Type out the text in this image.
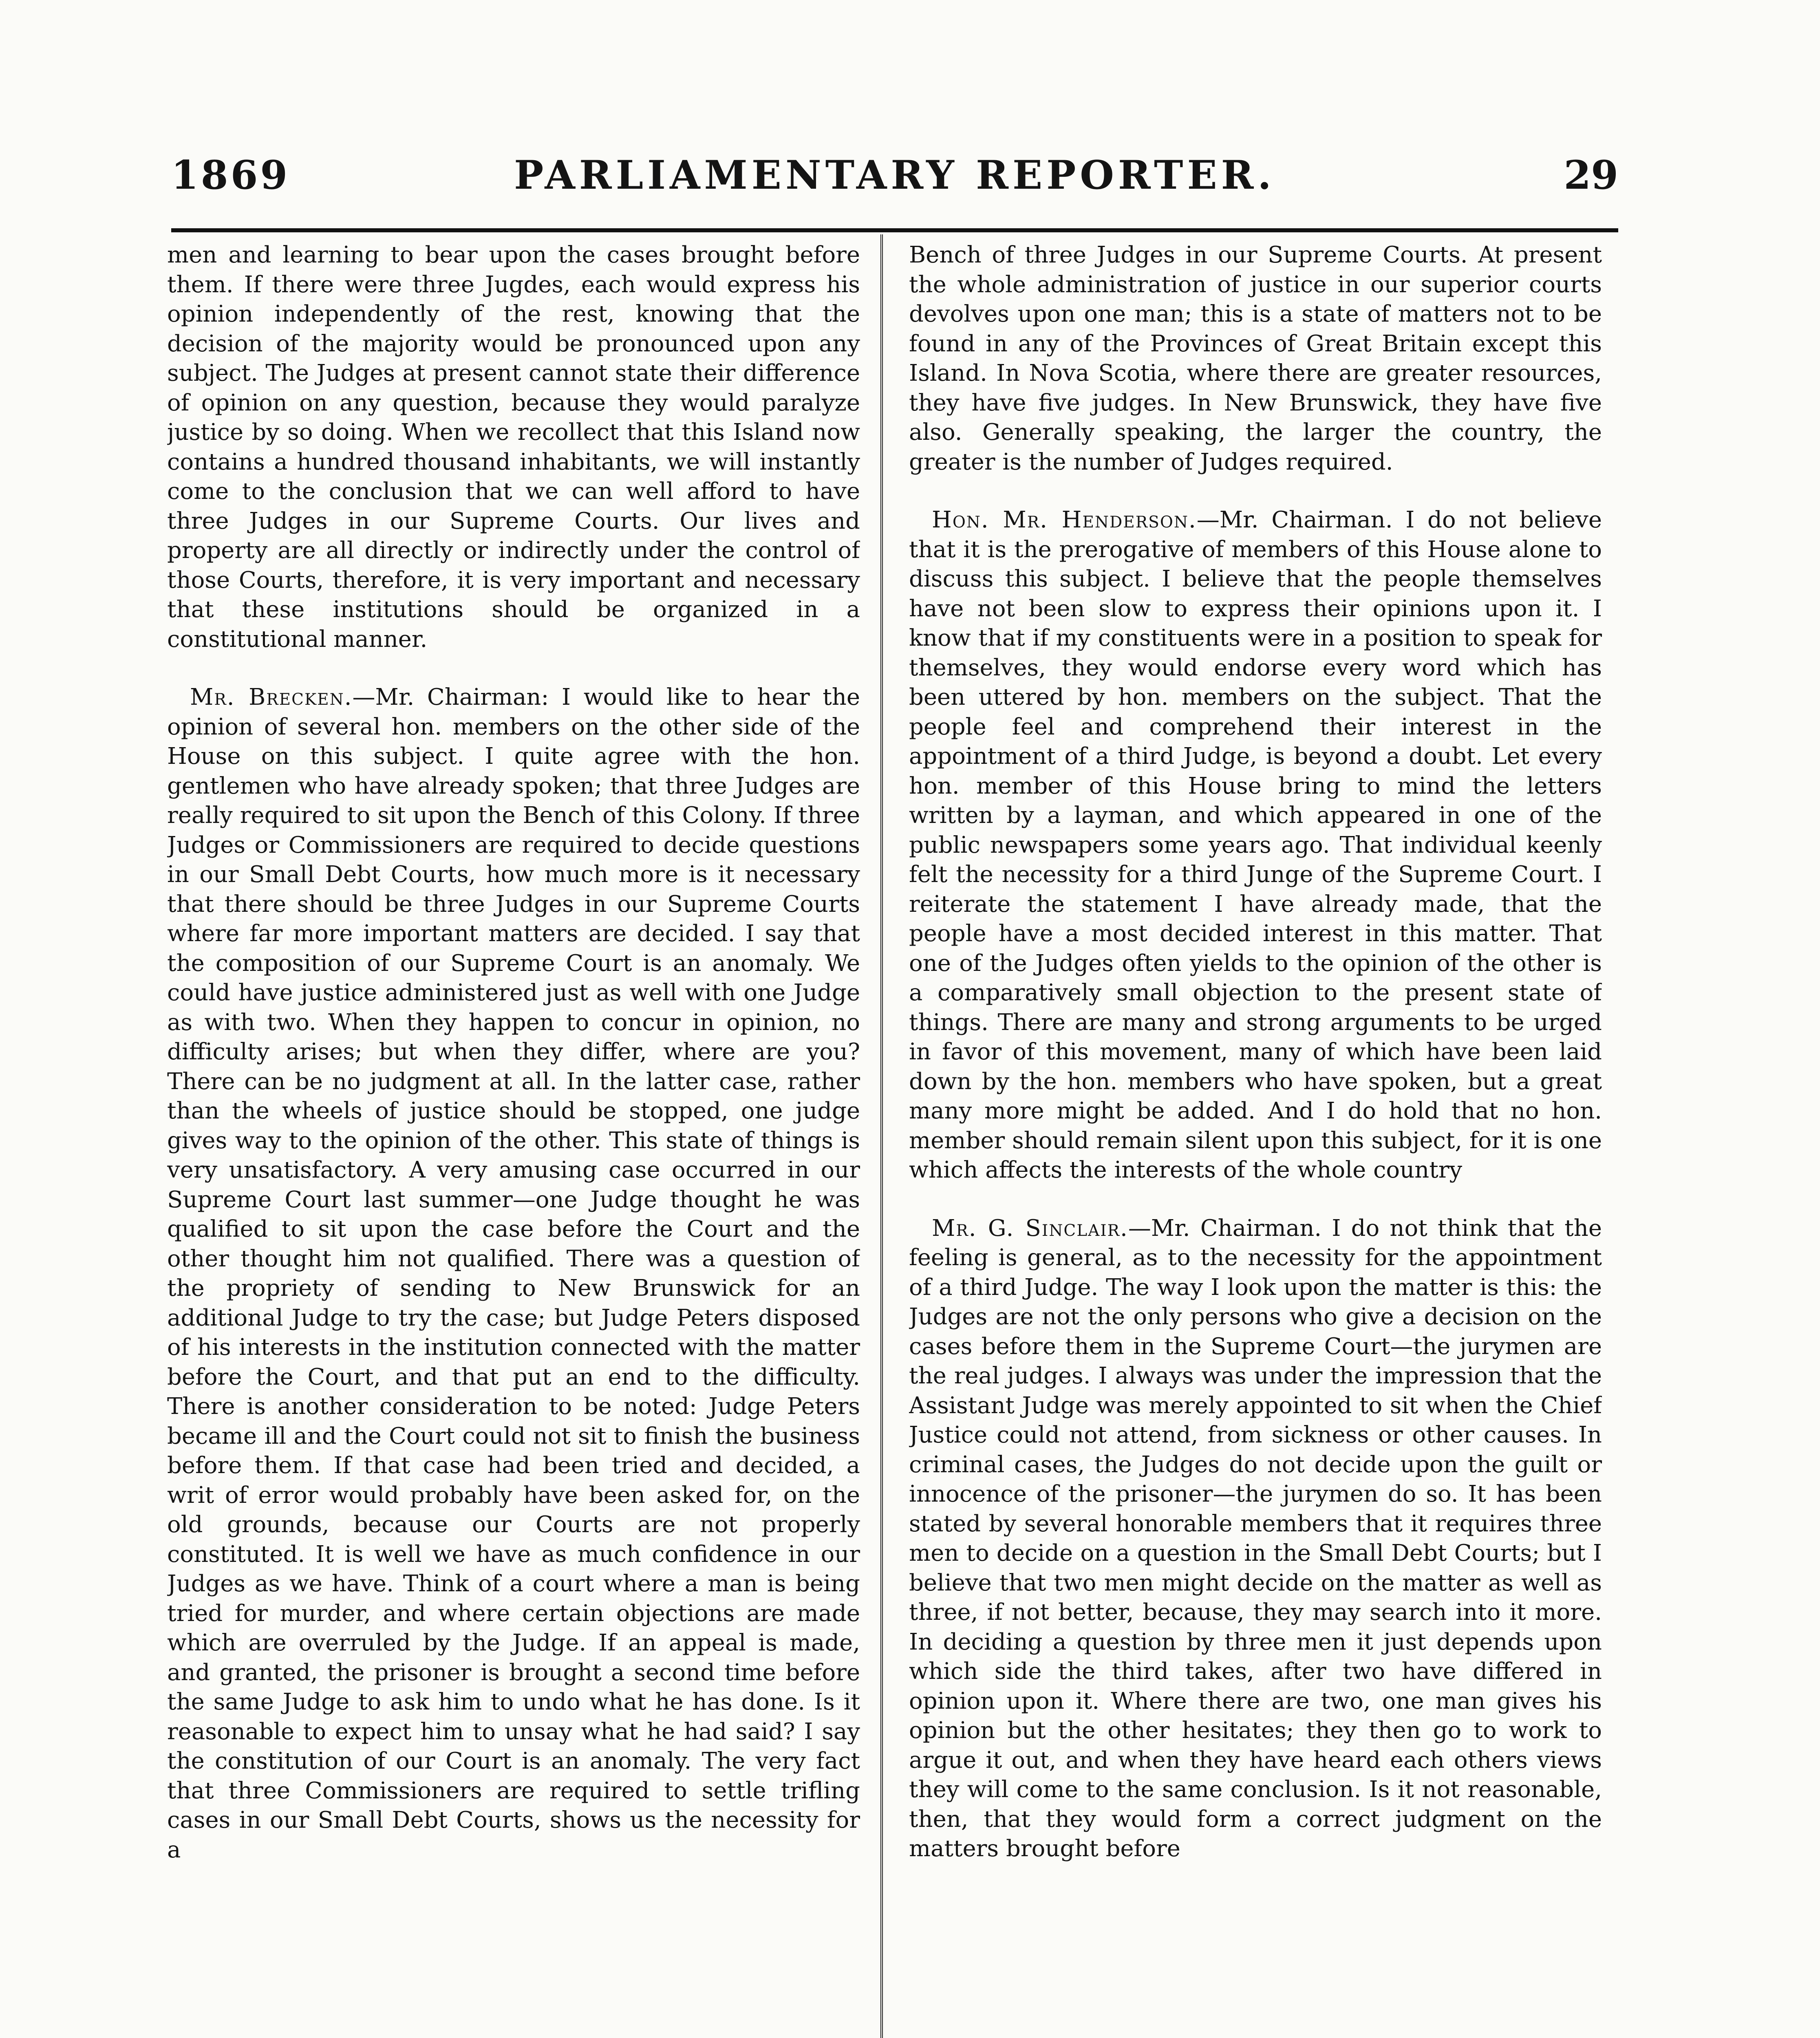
1869	PARLIAMENTARY REPORTER.	29

men and learning to bear upon the cases brought before them. If there were three Jugdes, each would express his opinion independently of the rest, knowing that the decision of the majority would be pronounced upon any subject. The Judges at present cannot state their difference of opinion on any question, because they would paralyze justice by so doing. When we recollect that this Island now contains a hundred thousand inhabitants, we will instantly come to the conclusion that we can well afford to have three Judges in our Supreme Courts. Our lives and property are all directly or indirectly under the control of those Courts, therefore, it is very important and necessary that these institutions should be organized in a constitutional manner.

 Mr. Brecken.—Mr. Chairman: I would like to hear the opinion of several hon. members on the other side of the House on this subject. I quite agree with the hon. gentlemen who have already spoken; that three Judges are really required to sit upon the Bench of this Colony. If three Judges or Commissioners are required to decide questions in our Small Debt Courts, how much more is it necessary that there should be three Judges in our Supreme Courts where far more important matters are decided. I say that the composition of our Supreme Court is an anomaly. We could have justice administered just as well with one Judge as with two. When they happen to concur in opinion, no difficulty arises; but when they differ, where are you? There can be no judgment at all. In the latter case, rather than the wheels of justice should be stopped, one judge gives way to the opinion of the other. This state of things is very unsatisfactory. A very amusing case occurred in our Supreme Court last summer—one Judge thought he was qualified to sit upon the case before the Court and the other thought him not qualified. There was a question of the propriety of sending to New Brunswick for an additional Judge to try the case; but Judge Peters disposed of his interests in the institution connected with the matter before the Court, and that put an end to the difficulty. There is another consideration to be noted: Judge Peters became ill and the Court could not sit to finish the business before them. If that case had been tried and decided, a writ of error would probably have been asked for, on the old grounds, because our Courts are not properly constituted. It is well we have as much confidence in our Judges as we have. Think of a court where a man is being tried for murder, and where certain objections are made which are overruled by the Judge. If an appeal is made, and granted, the prisoner is brought a second time before the same Judge to ask him to undo what he has done. Is it reasonable to expect him to unsay what he had said? I say the constitution of our Court is an anomaly. The very fact that three Commissioners are required to settle trifling cases in our Small Debt Courts, shows us the necessity for a

Bench of three Judges in our Supreme Courts. At present the whole administration of justice in our superior courts devolves upon one man; this is a state of matters not to be found in any of the Provinces of Great Britain except this Island. In Nova Scotia, where there are greater resources, they have five judges. In New Brunswick, they have five also. Generally speaking, the larger the country, the greater is the number of Judges required.

 Hon. Mr. Henderson.—Mr. Chairman. I do not believe that it is the prerogative of members of this House alone to discuss this subject. I believe that the people themselves have not been slow to express their opinions upon it. I know that if my constituents were in a position to speak for themselves, they would endorse every word which has been uttered by hon. members on the subject. That the people feel and comprehend their interest in the appointment of a third Judge, is beyond a doubt. Let every hon. member of this House bring to mind the letters written by a layman, and which appeared in one of the public newspapers some years ago. That individual keenly felt the necessity for a third Junge of the Supreme Court. I reiterate the statement I have already made, that the people have a most decided interest in this matter. That one of the Judges often yields to the opinion of the other is a comparatively small objection to the present state of things. There are many and strong arguments to be urged in favor of this movement, many of which have been laid down by the hon. members who have spoken, but a great many more might be added. And I do hold that no hon. member should remain silent upon this subject, for it is one which affects the interests of the whole country

 Mr. G. Sinclair.—Mr. Chairman. I do not think that the feeling is general, as to the necessity for the appointment of a third Judge. The way I look upon the matter is this: the Judges are not the only persons who give a decision on the cases before them in the Supreme Court—the jurymen are the real judges. I always was under the impression that the Assistant Judge was merely appointed to sit when the Chief Justice could not attend, from sickness or other causes. In criminal cases, the Judges do not decide upon the guilt or innocence of the prisoner—the jurymen do so. It has been stated by several honorable members that it requires three men to decide on a question in the Small Debt Courts; but I believe that two men might decide on the matter as well as three, if not better, because, they may search into it more. In deciding a question by three men it just depends upon which side the third takes, after two have differed in opinion upon it. Where there are two, one man gives his opinion but the other hesitates; they then go to work to argue it out, and when they have heard each others views they will come to the same conclusion. Is it not reasonable, then, that they would form a correct judgment on the matters brought before
